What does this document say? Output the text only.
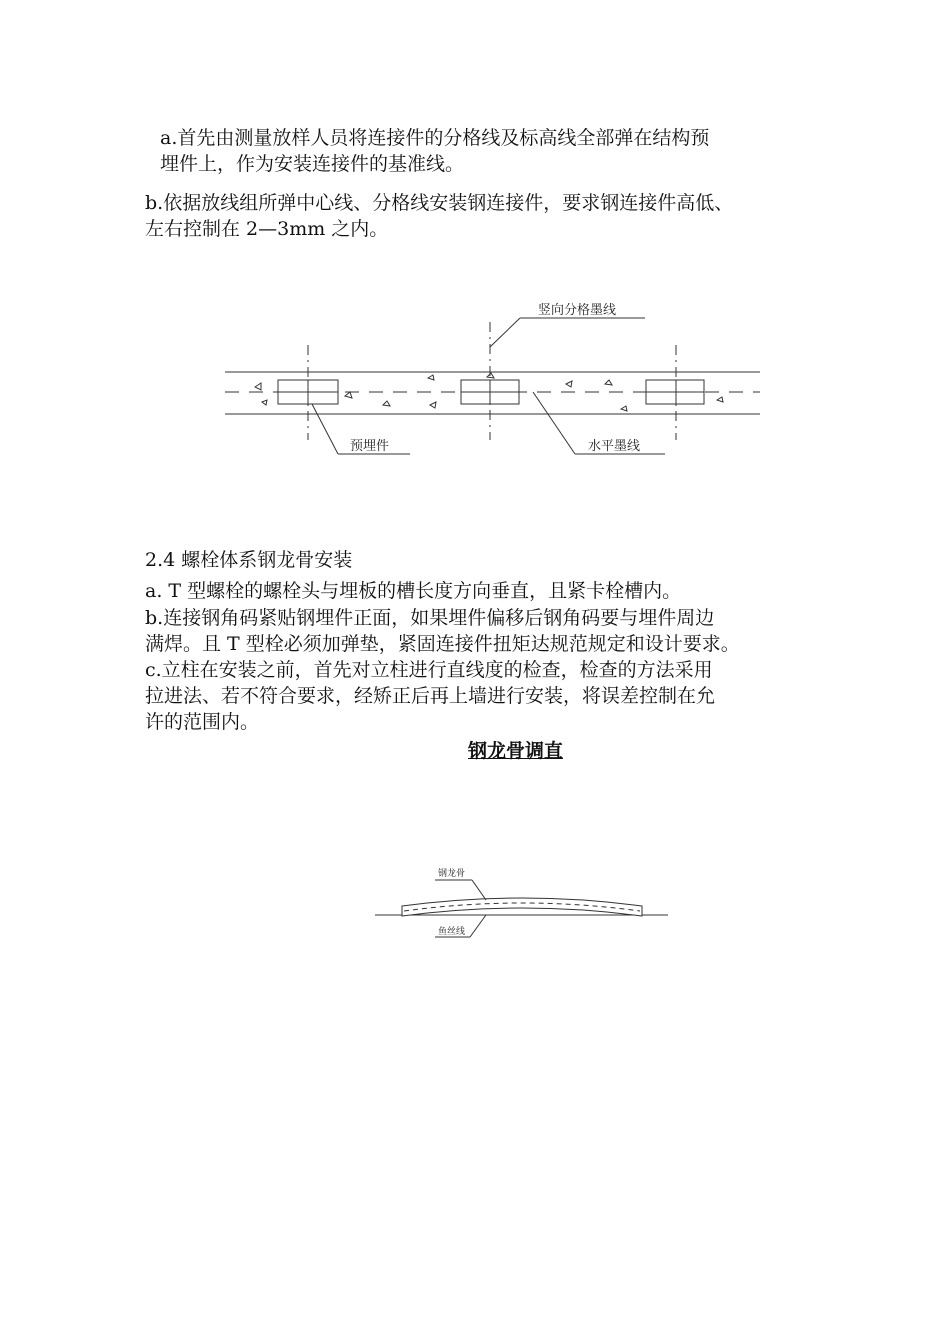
a.首先由测量放样人员将连接件的分格线及标高线全部弹在结构预

埋件上，作为安装连接件的基准线。

b.依据放线组所弹中心线、分格线安装钢连接件，要求钢连接件高低、

左右控制在 2—3mm 之内。

竖向分格墨线
预埋件	水平墨线

2.4 螺栓体系钢龙骨安装

a. T 型螺栓的螺栓头与埋板的槽长度方向垂直，且紧卡栓槽内。

b.连接钢角码紧贴钢埋件正面，如果埋件偏移后钢角码要与埋件周边

满焊。且 T 型栓必须加弹垫，紧固连接件扭矩达规范规定和设计要求。

c.立柱在安装之前，首先对立柱进行直线度的检查，检查的方法采用

拉进法、若不符合要求，经矫正后再上墙进行安装，将误差控制在允

许的范围内。

钢龙骨调直
钢龙骨
鱼丝线
